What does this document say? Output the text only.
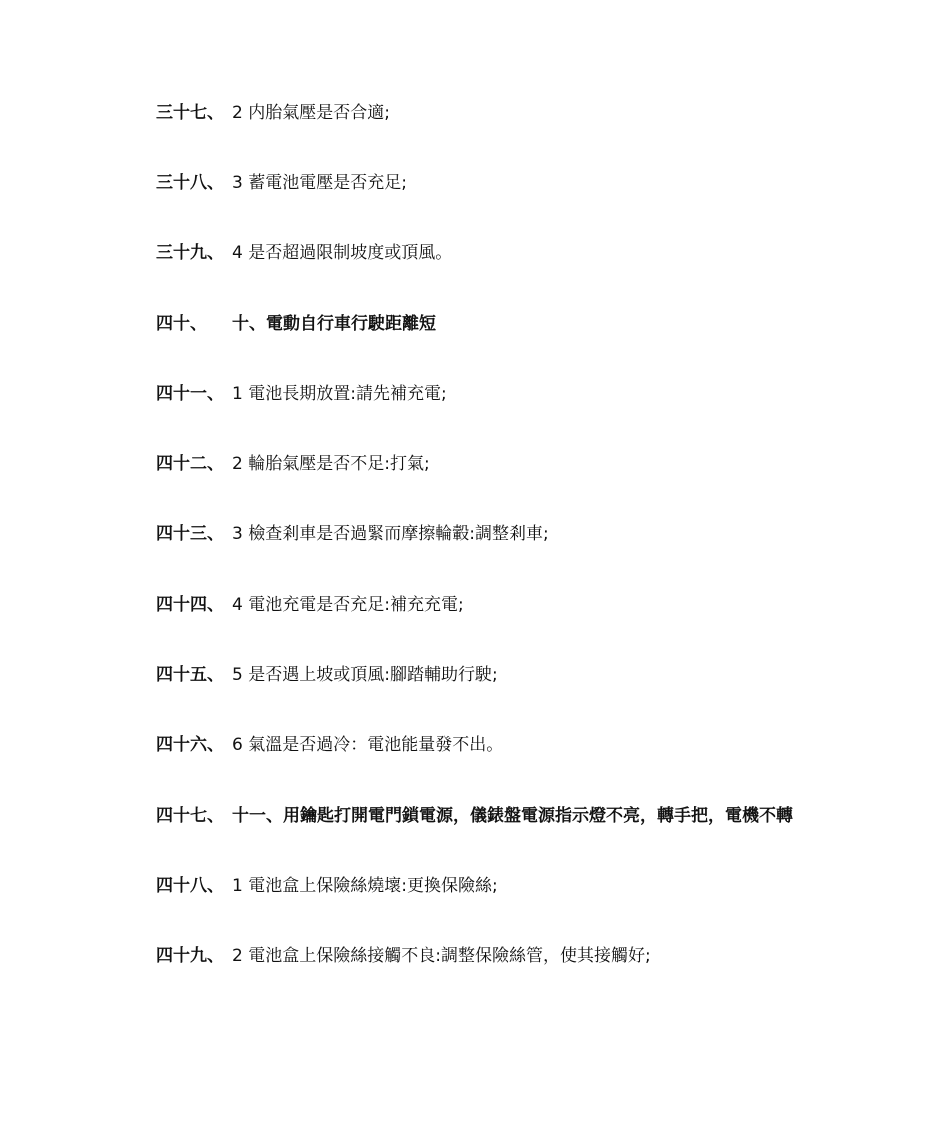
三十七、 2 内胎氣壓是否合適;
三十八、 3 蓄電池電壓是否充足;
三十九、 4 是否超過限制坡度或頂風。
四十、 十、電動自行車行駛距離短
四十一、 1 電池長期放置:請先補充電;
四十二、 2 輪胎氣壓是否不足:打氣;
四十三、 3 檢查剎車是否過緊而摩擦輪轂:調整剎車;
四十四、 4 電池充電是否充足:補充充電;
四十五、 5 是否遇上坡或頂風:腳踏輔助行駛;
四十六、 6 氣溫是否過冷：電池能量發不出。
四十七、 十一、用鑰匙打開電門鎖電源，儀錶盤電源指示燈不亮，轉手把，電機不轉
四十八、 1 電池盒上保險絲燒壞:更換保險絲;
四十九、 2 電池盒上保險絲接觸不良:調整保險絲管，使其接觸好;
